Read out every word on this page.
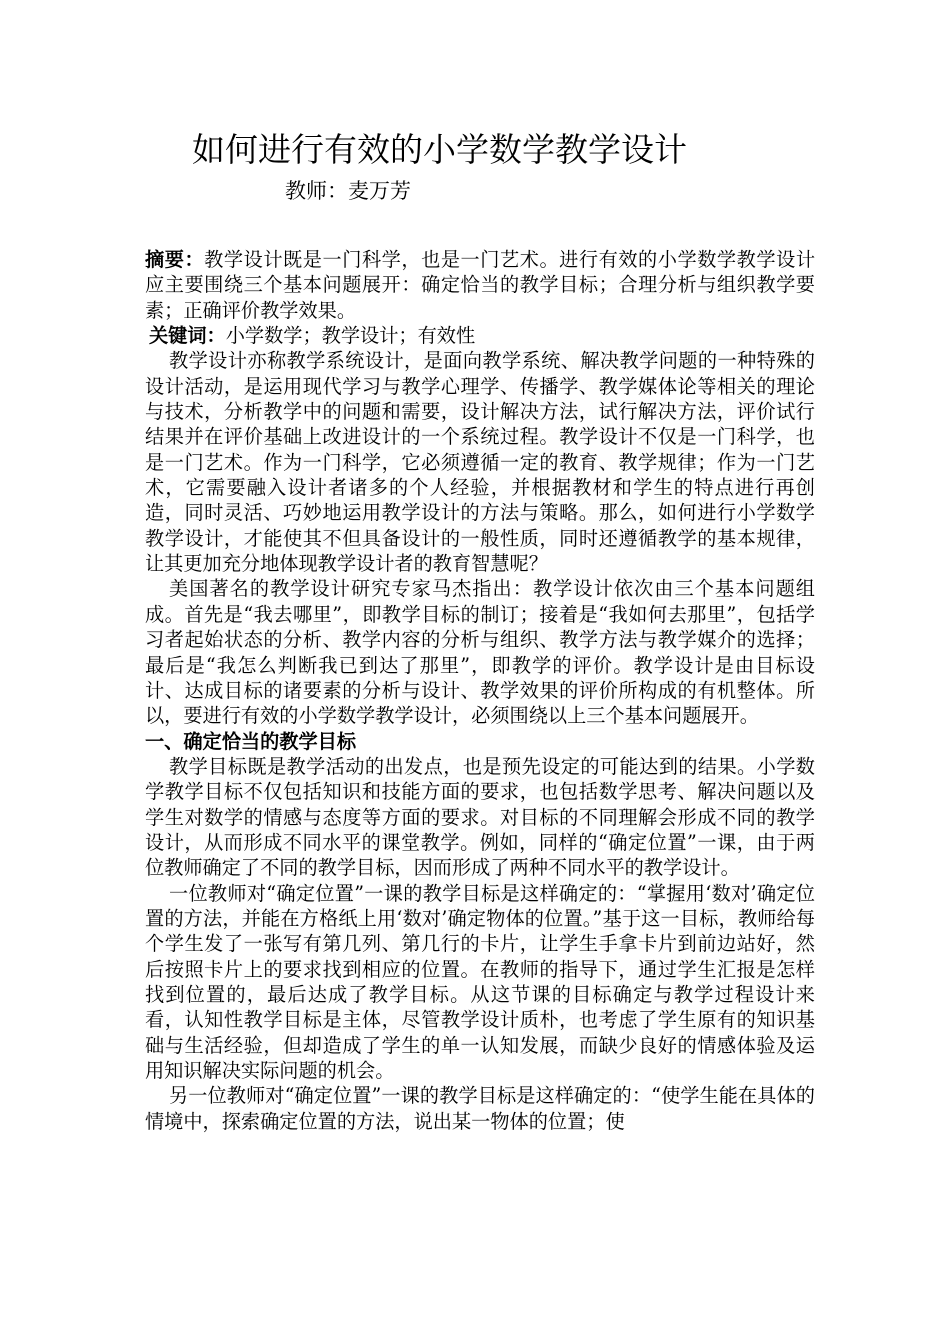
如何进行有效的小学数学教学设计
教师：麦万芳

摘要：教学设计既是一门科学，也是一门艺术。进行有效的小学数学教学设计应主要围绕三个基本问题展开：确定恰当的教学目标；合理分析与组织教学要素；正确评价教学效果。

关键词：小学数学；教学设计；有效性

教学设计亦称教学系统设计，是面向教学系统、解决教学问题的一种特殊的设计活动，是运用现代学习与教学心理学、传播学、教学媒体论等相关的理论与技术，分析教学中的问题和需要，设计解决方法，试行解决方法，评价试行结果并在评价基础上改进设计的一个系统过程。教学设计不仅是一门科学，也是一门艺术。作为一门科学，它必须遵循一定的教育、教学规律；作为一门艺术，它需要融入设计者诸多的个人经验，并根据教材和学生的特点进行再创造，同时灵活、巧妙地运用教学设计的方法与策略。那么，如何进行小学数学教学设计，才能使其不但具备设计的一般性质，同时还遵循教学的基本规律，让其更加充分地体现教学设计者的教育智慧呢？

美国著名的教学设计研究专家马杰指出：教学设计依次由三个基本问题组成。首先是“我去哪里”，即教学目标的制订；接着是“我如何去那里”，包括学习者起始状态的分析、教学内容的分析与组织、教学方法与教学媒介的选择；最后是“我怎么判断我已到达了那里”，即教学的评价。教学设计是由目标设计、达成目标的诸要素的分析与设计、教学效果的评价所构成的有机整体。所以，要进行有效的小学数学教学设计，必须围绕以上三个基本问题展开。

一、确定恰当的教学目标

教学目标既是教学活动的出发点，也是预先设定的可能达到的结果。小学数学教学目标不仅包括知识和技能方面的要求，也包括数学思考、解决问题以及学生对数学的情感与态度等方面的要求。对目标的不同理解会形成不同的教学设计，从而形成不同水平的课堂教学。例如，同样的“确定位置”一课，由于两位教师确定了不同的教学目标，因而形成了两种不同水平的教学设计。

一位教师对“确定位置”一课的教学目标是这样确定的：“掌握用‘数对’确定位置的方法，并能在方格纸上用‘数对’确定物体的位置。”基于这一目标，教师给每个学生发了一张写有第几列、第几行的卡片，让学生手拿卡片到前边站好，然后按照卡片上的要求找到相应的位置。在教师的指导下，通过学生汇报是怎样找到位置的，最后达成了教学目标。从这节课的目标确定与教学过程设计来看，认知性教学目标是主体，尽管教学设计质朴，也考虑了学生原有的知识基础与生活经验，但却造成了学生的单一认知发展，而缺少良好的情感体验及运用知识解决实际问题的机会。

另一位教师对“确定位置”一课的教学目标是这样确定的：“使学生能在具体的情境中，探索确定位置的方法，说出某一物体的位置；使
